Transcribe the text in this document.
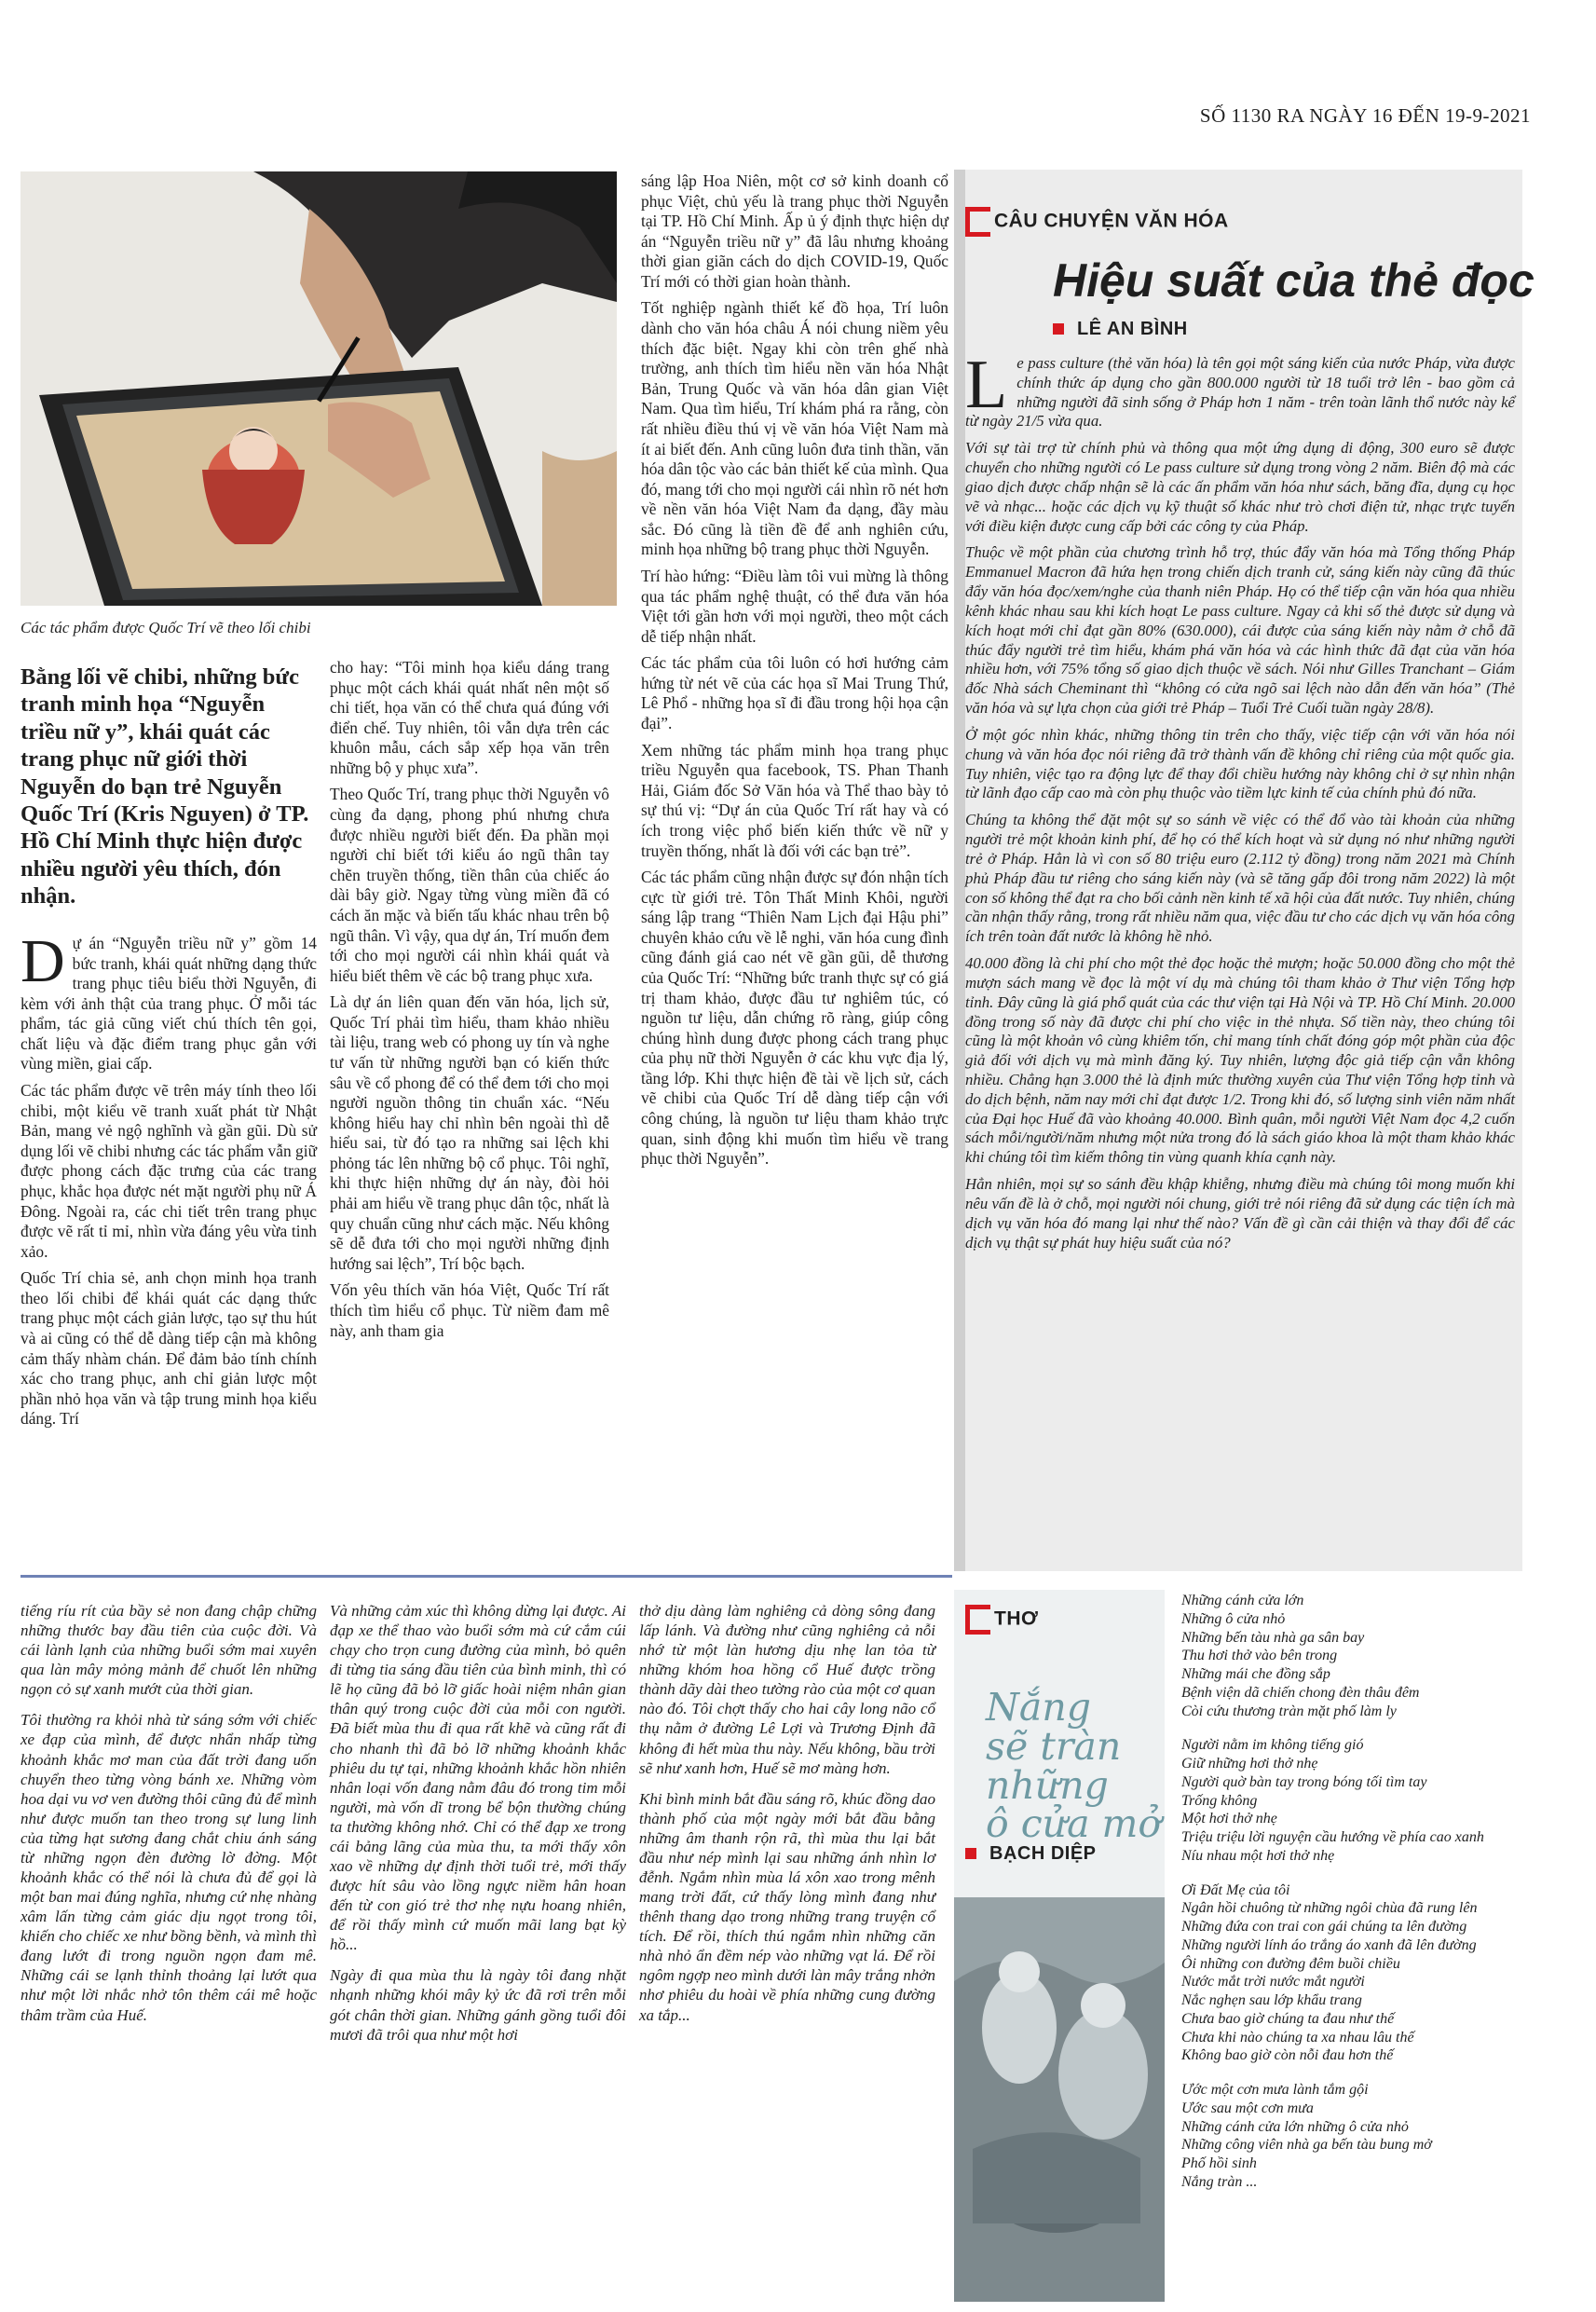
SỐ 1130 RA NGÀY 16 ĐẾN 19-9-2021
Các tác phẩm được Quốc Trí vẽ theo lối chibi

Bằng lối vẽ chibi, những bức tranh minh họa “Nguyễn triều nữ y”, khái quát các trang phục nữ giới thời Nguyễn do bạn trẻ Nguyễn Quốc Trí (Kris Nguyen) ở TP. Hồ Chí Minh thực hiện được nhiều người yêu thích, đón nhận.

Dự án “Nguyễn triều nữ y” gồm 14 bức tranh, khái quát những dạng thức trang phục tiêu biểu thời Nguyễn, đi kèm với ảnh thật của trang phục. Ở mỗi tác phẩm, tác giả cũng viết chú thích tên gọi, chất liệu và đặc điểm trang phục gắn với vùng miền, giai cấp.

Các tác phẩm được vẽ trên máy tính theo lối chibi, một kiểu vẽ tranh xuất phát từ Nhật Bản, mang vẻ ngộ nghĩnh và gần gũi. Dù sử dụng lối vẽ chibi nhưng các tác phẩm vẫn giữ được phong cách đặc trưng của các trang phục, khắc họa được nét mặt người phụ nữ Á Đông. Ngoài ra, các chi tiết trên trang phục được vẽ rất tỉ mỉ, nhìn vừa đáng yêu vừa tinh xảo.

Quốc Trí chia sẻ, anh chọn minh họa tranh theo lối chibi để khái quát các dạng thức trang phục một cách giản lược, tạo sự thu hút và ai cũng có thể dễ dàng tiếp cận mà không cảm thấy nhàm chán. Để đảm bảo tính chính xác cho trang phục, anh chỉ giản lược một phần nhỏ họa văn và tập trung minh họa kiểu dáng. Trí

cho hay: “Tôi minh họa kiểu dáng trang phục một cách khái quát nhất nên một số chi tiết, họa văn có thể chưa quá đúng với điển chế. Tuy nhiên, tôi vẫn dựa trên các khuôn mẫu, cách sắp xếp họa văn trên những bộ y phục xưa”.

Theo Quốc Trí, trang phục thời Nguyễn vô cùng đa dạng, phong phú nhưng chưa được nhiều người biết đến. Đa phần mọi người chỉ biết tới kiểu áo ngũ thân tay chẽn truyền thống, tiền thân của chiếc áo dài bây giờ. Ngay từng vùng miền đã có cách ăn mặc và biến tấu khác nhau trên bộ ngũ thân. Vì vậy, qua dự án, Trí muốn đem tới cho mọi người cái nhìn khái quát và hiểu biết thêm về các bộ trang phục xưa.

Là dự án liên quan đến văn hóa, lịch sử, Quốc Trí phải tìm hiểu, tham khảo nhiều tài liệu, trang web có phong uy tín và nghe tư vấn từ những người bạn có kiến thức sâu về cổ phong để có thể đem tới cho mọi người nguồn thông tin chuẩn xác. “Nếu không hiểu hay chỉ nhìn bên ngoài thì dễ hiểu sai, từ đó tạo ra những sai lệch khi phỏng tác lên những bộ cổ phục. Tôi nghĩ, khi thực hiện những dự án này, đòi hỏi phải am hiểu về trang phục dân tộc, nhất là quy chuẩn cũng như cách mặc. Nếu không sẽ dễ đưa tới cho mọi người những định hướng sai lệch”, Trí bộc bạch.

Vốn yêu thích văn hóa Việt, Quốc Trí rất thích tìm hiểu cổ phục. Từ niềm đam mê này, anh tham gia

sáng lập Hoa Niên, một cơ sở kinh doanh cổ phục Việt, chủ yếu là trang phục thời Nguyễn tại TP. Hồ Chí Minh. Ấp ủ ý định thực hiện dự án “Nguyễn triều nữ y” đã lâu nhưng khoảng thời gian giãn cách do dịch COVID-19, Quốc Trí mới có thời gian hoàn thành.

Tốt nghiệp ngành thiết kế đồ họa, Trí luôn dành cho văn hóa châu Á nói chung niềm yêu thích đặc biệt. Ngay khi còn trên ghế nhà trường, anh thích tìm hiểu nền văn hóa Nhật Bản, Trung Quốc và văn hóa dân gian Việt Nam. Qua tìm hiểu, Trí khám phá ra rằng, còn rất nhiều điều thú vị về văn hóa Việt Nam mà ít ai biết đến. Anh cũng luôn đưa tinh thần, văn hóa dân tộc vào các bản thiết kế của mình. Qua đó, mang tới cho mọi người cái nhìn rõ nét hơn về nền văn hóa Việt Nam đa dạng, đầy màu sắc. Đó cũng là tiền đề để anh nghiên cứu, minh họa những bộ trang phục thời Nguyễn.

Trí hào hứng: “Điều làm tôi vui mừng là thông qua tác phẩm nghệ thuật, có thể đưa văn hóa Việt tới gần hơn với mọi người, theo một cách dễ tiếp nhận nhất.

Các tác phẩm của tôi luôn có hơi hướng cảm hứng từ nét vẽ của các họa sĩ Mai Trung Thứ, Lê Phổ - những họa sĩ đi đầu trong hội họa cận đại”.

Xem những tác phẩm minh họa trang phục triều Nguyễn qua facebook, TS. Phan Thanh Hải, Giám đốc Sở Văn hóa và Thể thao bày tỏ sự thú vị: “Dự án của Quốc Trí rất hay và có ích trong việc phổ biến kiến thức về nữ y truyền thống, nhất là đối với các bạn trẻ”.

Các tác phẩm cũng nhận được sự đón nhận tích cực từ giới trẻ. Tôn Thất Minh Khôi, người sáng lập trang “Thiên Nam Lịch đại Hậu phi” chuyên khảo cứu về lễ nghi, văn hóa cung đình cũng đánh giá cao nét vẽ gần gũi, dễ thương của Quốc Trí: “Những bức tranh thực sự có giá trị tham khảo, được đầu tư nghiêm túc, có nguồn tư liệu, dẫn chứng rõ ràng, giúp công chúng hình dung được phong cách trang phục của phụ nữ thời Nguyễn ở các khu vực địa lý, tầng lớp. Khi thực hiện đề tài về lịch sử, cách vẽ chibi của Quốc Trí dễ dàng tiếp cận với công chúng, là nguồn tư liệu tham khảo trực quan, sinh động khi muốn tìm hiểu về trang phục thời Nguyễn”.

CÂU CHUYỆN VĂN HÓA
Hiệu suất của thẻ đọc
LÊ AN BÌNH

Le pass culture (thẻ văn hóa) là tên gọi một sáng kiến của nước Pháp, vừa được chính thức áp dụng cho gần 800.000 người từ 18 tuổi trở lên - bao gồm cả những người đã sinh sống ở Pháp hơn 1 năm - trên toàn lãnh thổ nước này kể từ ngày 21/5 vừa qua.

Với sự tài trợ từ chính phủ và thông qua một ứng dụng di động, 300 euro sẽ được chuyển cho những người có Le pass culture sử dụng trong vòng 2 năm. Biên độ mà các giao dịch được chấp nhận sẽ là các ấn phẩm văn hóa như sách, băng đĩa, dụng cụ học vẽ và nhạc... hoặc các dịch vụ kỹ thuật số khác như trò chơi điện tử, nhạc trực tuyến với điều kiện được cung cấp bởi các công ty của Pháp.

Thuộc về một phần của chương trình hỗ trợ, thúc đẩy văn hóa mà Tổng thống Pháp Emmanuel Macron đã hứa hẹn trong chiến dịch tranh cử, sáng kiến này cũng đã thúc đẩy văn hóa đọc/xem/nghe của thanh niên Pháp. Họ có thể tiếp cận văn hóa qua nhiều kênh khác nhau sau khi kích hoạt Le pass culture. Ngay cả khi số thẻ được sử dụng và kích hoạt mới chỉ đạt gần 80% (630.000), cái được của sáng kiến này nằm ở chỗ đã thúc đẩy người trẻ tìm hiểu, khám phá văn hóa và các hình thức đã đạt của văn hóa nhiều hơn, với 75% tổng số giao dịch thuộc về sách. Nói như Gilles Tranchant – Giám đốc Nhà sách Cheminant thì “không có cửa ngõ sai lệch nào dẫn đến văn hóa” (Thẻ văn hóa và sự lựa chọn của giới trẻ Pháp – Tuổi Trẻ Cuối tuần ngày 28/8).

Ở một góc nhìn khác, những thông tin trên cho thấy, việc tiếp cận với văn hóa nói chung và văn hóa đọc nói riêng đã trở thành vấn đề không chỉ riêng của một quốc gia. Tuy nhiên, việc tạo ra động lực để thay đổi chiều hướng này không chỉ ở sự nhìn nhận từ lãnh đạo cấp cao mà còn phụ thuộc vào tiềm lực kinh tế của chính phủ đó nữa.

Chúng ta không thể đặt một sự so sánh về việc có thể đổ vào tài khoản của những người trẻ một khoản kinh phí, để họ có thể kích hoạt và sử dụng nó như những người trẻ ở Pháp. Hẳn là vì con số 80 triệu euro (2.112 tỷ đồng) trong năm 2021 mà Chính phủ Pháp đầu tư riêng cho sáng kiến này (và sẽ tăng gấp đôi trong năm 2022) là một con số không thể đạt ra cho bối cảnh nền kinh tế xã hội của đất nước. Tuy nhiên, chúng cần nhận thấy rằng, trong rất nhiều năm qua, việc đầu tư cho các dịch vụ văn hóa công ích trên toàn đất nước là không hề nhỏ.

40.000 đồng là chi phí cho một thẻ đọc hoặc thẻ mượn; hoặc 50.000 đồng cho một thẻ mượn sách mang về đọc là một ví dụ mà chúng tôi tham khảo ở Thư viện Tổng hợp tỉnh. Đây cũng là giá phổ quát của các thư viện tại Hà Nội và TP. Hồ Chí Minh. 20.000 đồng trong số này đã được chi phí cho việc in thẻ nhựa. Số tiền này, theo chúng tôi cũng là một khoản vô cùng khiêm tốn, chỉ mang tính chất đóng góp một phần của độc giả đối với dịch vụ mà mình đăng ký. Tuy nhiên, lượng độc giả tiếp cận vẫn không nhiều. Chẳng hạn 3.000 thẻ là định mức thường xuyên của Thư viện Tổng hợp tỉnh và do dịch bệnh, năm nay mới chỉ đạt được 1/2. Trong khi đó, số lượng sinh viên năm nhất của Đại học Huế đã vào khoảng 40.000. Bình quân, mỗi người Việt Nam đọc 4,2 cuốn sách mỗi/người/năm nhưng một nửa trong đó là sách giáo khoa là một tham khảo khác khi chúng tôi tìm kiếm thông tin vùng quanh khía cạnh này.

Hẳn nhiên, mọi sự so sánh đều khập khiễng, nhưng điều mà chúng tôi mong muốn khi nêu vấn đề là ở chỗ, mọi người nói chung, giới trẻ nói riêng đã sử dụng các tiện ích mà dịch vụ văn hóa đó mang lại như thế nào? Vấn đề gì cần cải thiện và thay đổi để các dịch vụ thật sự phát huy hiệu suất của nó?

tiếng ríu rít của bầy sẻ non đang chập chững những thước bay đầu tiên của cuộc đời. Và cái lành lạnh của những buổi sớm mai xuyên qua làn mây mỏng mảnh để chuốt lên những ngọn cỏ sự xanh mướt của thời gian.

Tôi thường ra khỏi nhà từ sáng sớm với chiếc xe đạp của mình, để được nhẩn nhấp từng khoảnh khắc mơ man của đất trời đang uốn chuyển theo từng vòng bánh xe. Những vòm hoa dại vu vơ ven đường thôi cũng đủ để mình như được muốn tan theo trong sự lung linh của từng hạt sương đang chắt chiu ánh sáng từ những ngọn đèn đường lờ đờng. Một khoảnh khắc có thể nói là chưa đủ để gọi là một ban mai đúng nghĩa, nhưng cứ nhẹ nhàng xâm lấn từng cảm giác dịu ngọt trong tôi, khiến cho chiếc xe như bồng bềnh, và mình thì đang lướt đi trong nguồn ngọn đam mê. Những cái se lạnh thỉnh thoảng lại lướt qua như một lời nhắc nhở tôn thêm cái mê hoặc thâm trầm của Huế.

Và những cảm xúc thì không dừng lại được. Ai đạp xe thể thao vào buổi sớm mà cứ cắm cúi chạy cho trọn cung đường của mình, bỏ quên đi từng tia sáng đầu tiên của bình minh, thì có lẽ họ cũng đã bỏ lỡ giấc hoài niệm nhân gian thân quý trong cuộc đời của mỗi con người. Đã biết mùa thu đi qua rất khẽ và cũng rất đi cho nhanh thì đã bỏ lỡ những khoảnh khắc phiêu du tự tại, những khoảnh khắc hồn nhiên nhân loại vốn đang nằm đâu đó trong tim mỗi người, mà vốn dĩ trong bể bộn thường chúng ta thường không nhớ. Chỉ có thể đạp xe trong cái bảng lãng của mùa thu, ta mới thấy xôn xao về những dự định thời tuổi trẻ, mới thấy được hít sâu vào lồng ngực niềm hân hoan đến từ con gió trẻ thơ nhẹ nựu hoang nhiên, để rồi thấy mình cứ muốn mãi lang bạt kỳ hồ...

Ngày đi qua mùa thu là ngày tôi đang nhặt nhạnh những khói mây kỷ ức đã rơi trên mỗi gót chân thời gian. Những gánh gồng tuổi đôi mươi đã trôi qua như một hơi

thở dịu dàng làm nghiêng cả dòng sông đang lấp lánh. Và đường như cũng nghiêng cả nỗi nhớ từ một làn hương dịu nhẹ lan tỏa từ những khóm hoa hồng cổ Huế được trồng thành dãy dài theo tường rào của một cơ quan nào đó. Tôi chợt thấy cho hai cây long não cổ thụ nằm ở đường Lê Lợi và Trương Định đã không đi hết mùa thu này. Nếu không, bầu trời sẽ như xanh hơn, Huế sẽ mơ màng hơn.

Khi bình minh bắt đầu sáng rõ, khúc đồng dao thành phố của một ngày mới bắt đầu bằng những âm thanh rộn rã, thì mùa thu lại bắt đầu như nép mình lại sau những ánh nhìn lơ đễnh. Ngắm nhìn mùa lá xôn xao trong mênh mang trời đất, cứ thấy lòng mình đang như thênh thang dạo trong những trang truyện cổ tích. Để rồi, thích thú ngắm nhìn những căn nhà nhỏ ẩn đềm nép vào những vạt lá. Để rồi ngôm ngợp neo mình dưới làn mây trắng nhởn nhơ phiêu du hoài về phía những cung đường xa tắp...

THƠ
Nắng
sẽ tràn
những
ô cửa mở
BẠCH DIỆP
Những cánh cửa lớn
Những ô cửa nhỏ
Những bến tàu nhà ga sân bay
Thu hơi thở vào bên trong
Những mái che đồng sắp
Bệnh viện dã chiến chong đèn thâu đêm
Còi cứu thương tràn mặt phố làm ly
Người nằm im không tiếng gió
Giữ những hơi thở nhẹ
Người quờ bàn tay trong bóng tối tìm tay
Trống không
Một hơi thở nhẹ
Triệu triệu lời nguyện cầu hướng về phía cao xanh
Níu nhau một hơi thở nhẹ
Ơi Đất Mẹ của tôi
Ngân hồi chuông từ những ngôi chùa đã rung lên
Những đứa con trai con gái chúng ta lên đường
Những người lính áo trắng áo xanh đã lên đường
Ôi những con đường đêm buồi chiều
Nước mắt trời nước mắt người
Nắc nghẹn sau lớp khẩu trang
Chưa bao giờ chúng ta đau như thế
Chưa khi nào chúng ta xa nhau lâu thế
Không bao giờ còn nỗi đau hơn thế
Ước một cơn mưa lành tắm gội
Ước sau một cơn mưa
Những cánh cửa lớn những ô cửa nhỏ
Những công viên nhà ga bến tàu bung mở
Phố hồi sinh
Nắng tràn ...
